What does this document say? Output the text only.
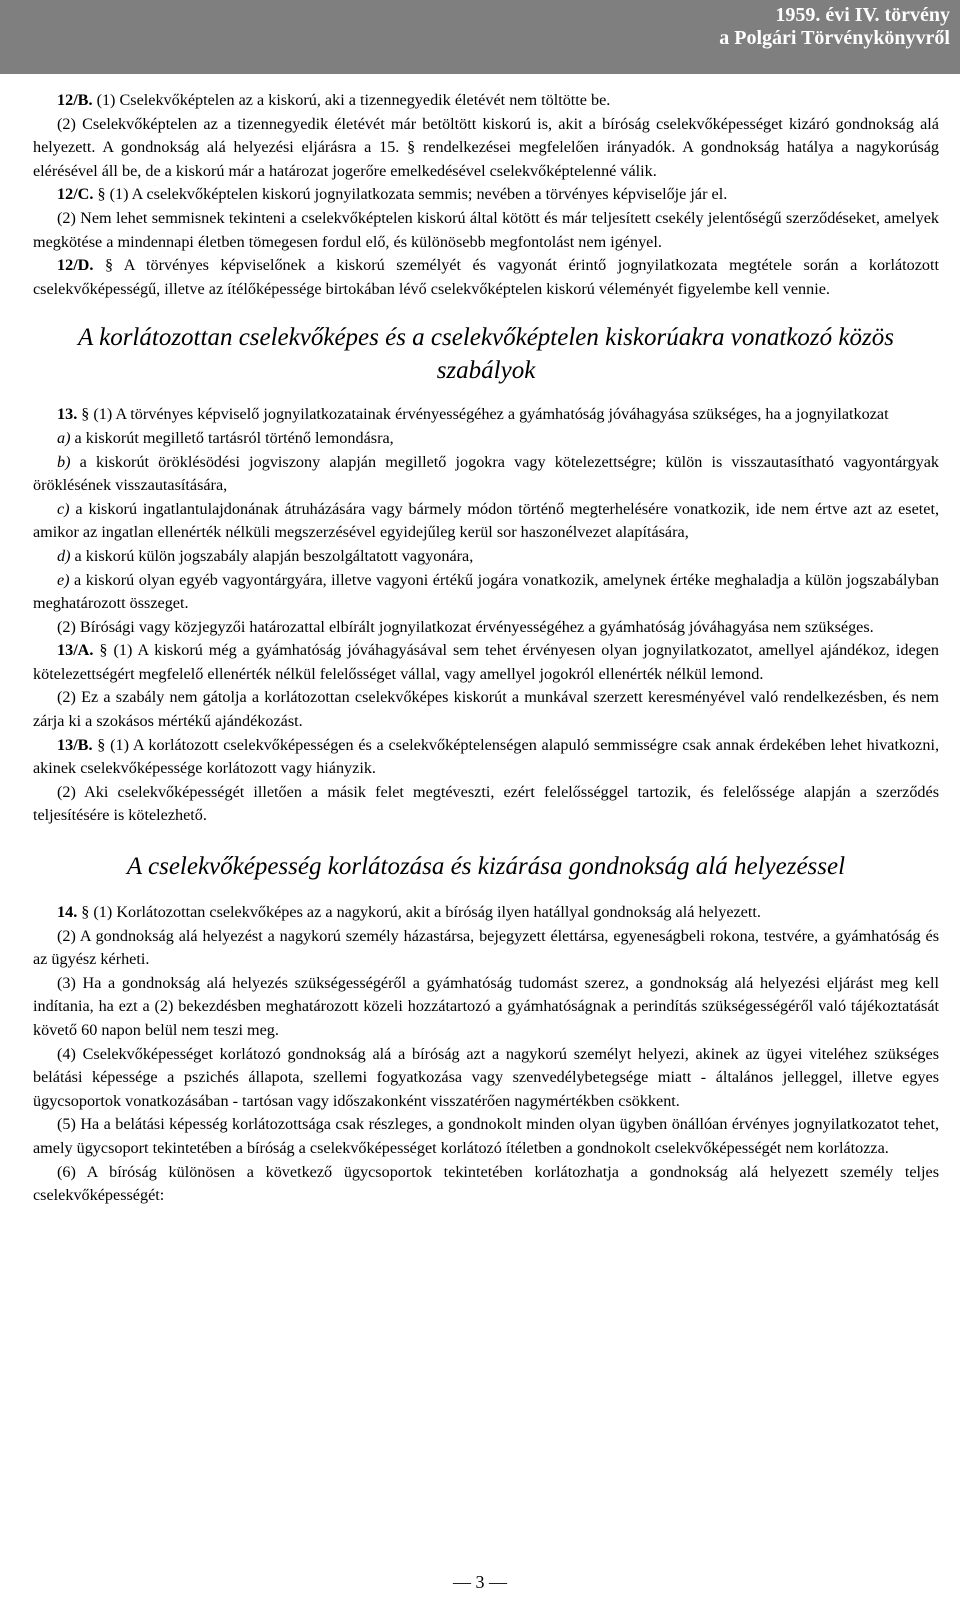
1959. évi IV. törvény
a Polgári Törvénykönyvről

12/B. (1) Cselekvőképtelen az a kiskorú, aki a tizennegyedik életévét nem töltötte be.

(2) Cselekvőképtelen az a tizennegyedik életévét már betöltött kiskorú is, akit a bíróság cselekvőképességet kizáró gondnokság alá helyezett. A gondnokság alá helyezési eljárásra a 15. § rendelkezései megfelelően irányadók. A gondnokság hatálya a nagykorúság elérésével áll be, de a kiskorú már a határozat jogerőre emelkedésével cselekvőképtelenné válik.

12/C. § (1) A cselekvőképtelen kiskorú jognyilatkozata semmis; nevében a törvényes képviselője jár el.

(2) Nem lehet semmisnek tekinteni a cselekvőképtelen kiskorú által kötött és már teljesített csekély jelentőségű szerződéseket, amelyek megkötése a mindennapi életben tömegesen fordul elő, és különösebb megfontolást nem igényel.

12/D. § A törvényes képviselőnek a kiskorú személyét és vagyonát érintő jognyilatkozata megtétele során a korlátozott cselekvőképességű, illetve az ítélőképessége birtokában lévő cselekvőképtelen kiskorú véleményét figyelembe kell vennie.

A korlátozottan cselekvőképes és a cselekvőképtelen kiskorúakra vonatkozó közös szabályok

13. § (1) A törvényes képviselő jognyilatkozatainak érvényességéhez a gyámhatóság jóváhagyása szükséges, ha a jognyilatkozat

a) a kiskorút megillető tartásról történő lemondásra,

b) a kiskorút öröklésödési jogviszony alapján megillető jogokra vagy kötelezettségre; külön is visszautasítható vagyontárgyak öröklésének visszautasítására,

c) a kiskorú ingatlantulajdonának átruházására vagy bármely módon történő megterhelésére vonatkozik, ide nem értve azt az esetet, amikor az ingatlan ellenérték nélküli megszerzésével egyidejűleg kerül sor haszonélvezet alapítására,

d) a kiskorú külön jogszabály alapján beszolgáltatott vagyonára,

e) a kiskorú olyan egyéb vagyontárgyára, illetve vagyoni értékű jogára vonatkozik, amelynek értéke meghaladja a külön jogszabályban meghatározott összeget.

(2) Bírósági vagy közjegyzői határozattal elbírált jognyilatkozat érvényességéhez a gyámhatóság jóváhagyása nem szükséges.

13/A. § (1) A kiskorú még a gyámhatóság jóváhagyásával sem tehet érvényesen olyan jognyilatkozatot, amellyel ajándékoz, idegen kötelezettségért megfelelő ellenérték nélkül felelősséget vállal, vagy amellyel jogokról ellenérték nélkül lemond.

(2) Ez a szabály nem gátolja a korlátozottan cselekvőképes kiskorút a munkával szerzett keresményével való rendelkezésben, és nem zárja ki a szokásos mértékű ajándékozást.

13/B. § (1) A korlátozott cselekvőképességen és a cselekvőképtelenségen alapuló semmisségre csak annak érdekében lehet hivatkozni, akinek cselekvőképessége korlátozott vagy hiányzik.

(2) Aki cselekvőképességét illetően a másik felet megtéveszti, ezért felelősséggel tartozik, és felelőssége alapján a szerződés teljesítésére is kötelezhető.

A cselekvőképesség korlátozása és kizárása gondnokság alá helyezéssel

14. § (1) Korlátozottan cselekvőképes az a nagykorú, akit a bíróság ilyen hatállyal gondnokság alá helyezett.

(2) A gondnokság alá helyezést a nagykorú személy házastársa, bejegyzett élettársa, egyeneságbeli rokona, testvére, a gyámhatóság és az ügyész kérheti.

(3) Ha a gondnokság alá helyezés szükségességéről a gyámhatóság tudomást szerez, a gondnokság alá helyezési eljárást meg kell indítania, ha ezt a (2) bekezdésben meghatározott közeli hozzátartozó a gyámhatóságnak a perindítás szükségességéről való tájékoztatását követő 60 napon belül nem teszi meg.

(4) Cselekvőképességet korlátozó gondnokság alá a bíróság azt a nagykorú személyt helyezi, akinek az ügyei viteléhez szükséges belátási képessége a pszichés állapota, szellemi fogyatkozása vagy szenvedélybetegsége miatt - általános jelleggel, illetve egyes ügycsoportok vonatkozásában - tartósan vagy időszakonként visszatérően nagymértékben csökkent.

(5) Ha a belátási képesség korlátozottsága csak részleges, a gondnokolt minden olyan ügyben önállóan érvényes jognyilatkozatot tehet, amely ügycsoport tekintetében a bíróság a cselekvőképességet korlátozó ítéletben a gondnokolt cselekvőképességét nem korlátozza.

(6) A bíróság különösen a következő ügycsoportok tekintetében korlátozhatja a gondnokság alá helyezett személy teljes cselekvőképességét:

— 3 —
